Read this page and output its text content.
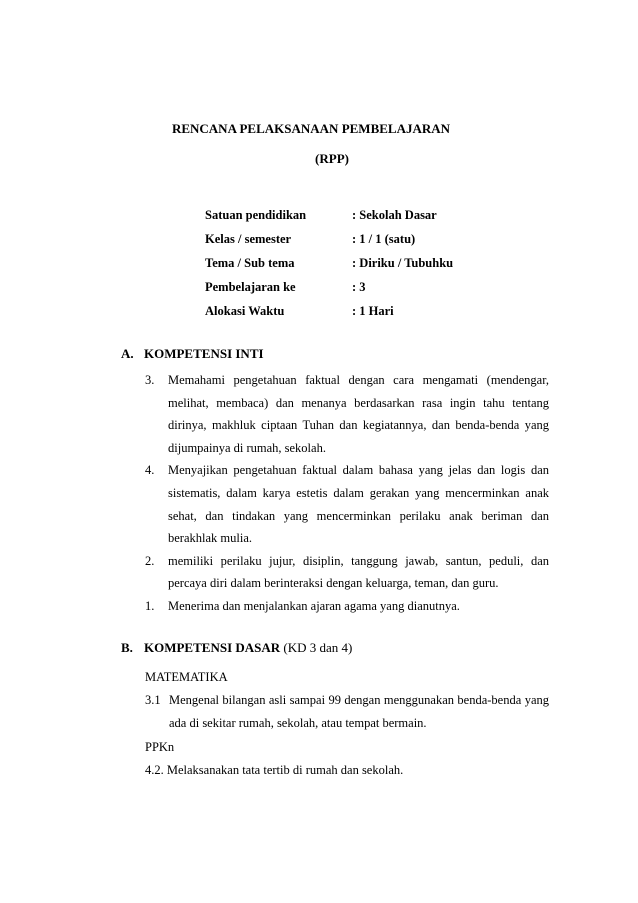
RENCANA PELAKSANAAN PEMBELAJARAN
(RPP)
Satuan pendidikan	: Sekolah Dasar
Kelas / semester	: 1 / 1 (satu)
Tema / Sub tema	: Diriku / Tubuhku
Pembelajaran ke	: 3
Alokasi Waktu	: 1 Hari
A. KOMPETENSI INTI
3.	Memahami pengetahuan faktual dengan cara mengamati (mendengar, melihat, membaca) dan menanya berdasarkan rasa ingin tahu tentang dirinya, makhluk ciptaan Tuhan dan kegiatannya, dan benda-benda yang dijumpainya di rumah, sekolah.
4.	Menyajikan pengetahuan faktual dalam bahasa yang jelas dan logis dan sistematis, dalam karya estetis dalam gerakan yang mencerminkan anak sehat, dan tindakan yang mencerminkan perilaku anak beriman dan berakhlak mulia.
2.	memiliki perilaku jujur, disiplin, tanggung jawab, santun, peduli, dan percaya diri dalam berinteraksi dengan keluarga, teman, dan guru.
1.	Menerima dan menjalankan ajaran agama yang dianutnya.
B. KOMPETENSI DASAR (KD 3 dan 4)
MATEMATIKA
3.1 Mengenal bilangan asli sampai 99 dengan menggunakan benda-benda yang ada di sekitar rumah, sekolah, atau tempat bermain.
PPKn
4.2. Melaksanakan tata tertib di rumah dan sekolah.
